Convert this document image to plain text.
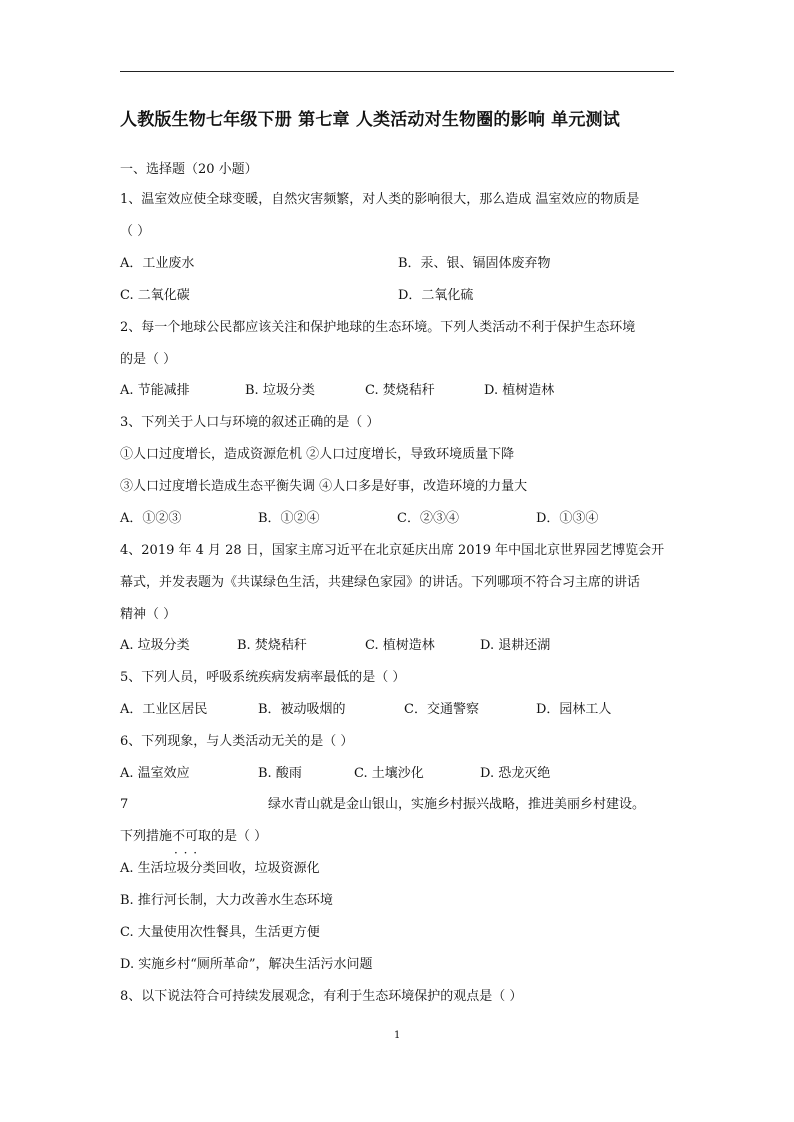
人教版生物七年级下册 第七章 人类活动对生物圈的影响 单元测试
一、选择题（20 小题）
1、温室效应使全球变暖，自然灾害频繁，对人类的影响很大，那么造成 温室效应的物质是
（ ）
A．工业废水	B．汞、银、镉固体废弃物
C. 二氧化碳	D．二氧化硫
2、每一个地球公民都应该关注和保护地球的生态环境。下列人类活动不利于保护生态环境
的是（ ）
A. 节能减排	B. 垃圾分类	C. 焚烧秸秆	D. 植树造林
3、下列关于人口与环境的叙述正确的是（ ）
①人口过度增长，造成资源危机 ②人口过度增长，导致环境质量下降
③人口过度增长造成生态平衡失调 ④人口多是好事，改造环境的力量大
A．①②③	B．①②④	C．②③④	D．①③④
4、2019 年 4 月 28 日，国家主席习近平在北京延庆出席 2019 年中国北京世界园艺博览会开
幕式，并发表题为《共谋绿色生活，共建绿色家园》的讲话。下列哪项不符合习主席的讲话
精神（ ）
A. 垃圾分类	B. 焚烧秸秆	C. 植树造林	D. 退耕还湖
5、下列人员，呼吸系统疾病发病率最低的是（ ）
A．工业区居民	B．被动吸烟的	C．交通警察	D．园林工人
6、下列现象，与人类活动无关的是（ ）
A. 温室效应	B. 酸雨	C. 土壤沙化	D. 恐龙灭绝
7	绿水青山就是金山银山，实施乡村振兴战略，推进美丽乡村建设。
下列措施不可取 · · ·的是（ ）
A. 生活垃圾分类回收，垃圾资源化
B. 推行河长制，大力改善水生态环境
C. 大量使用次性餐具，生活更方便
D. 实施乡村“厕所革命”，解决生活污水问题
8、以下说法符合可持续发展观念，有利于生态环境保护的观点是（ ）
1
